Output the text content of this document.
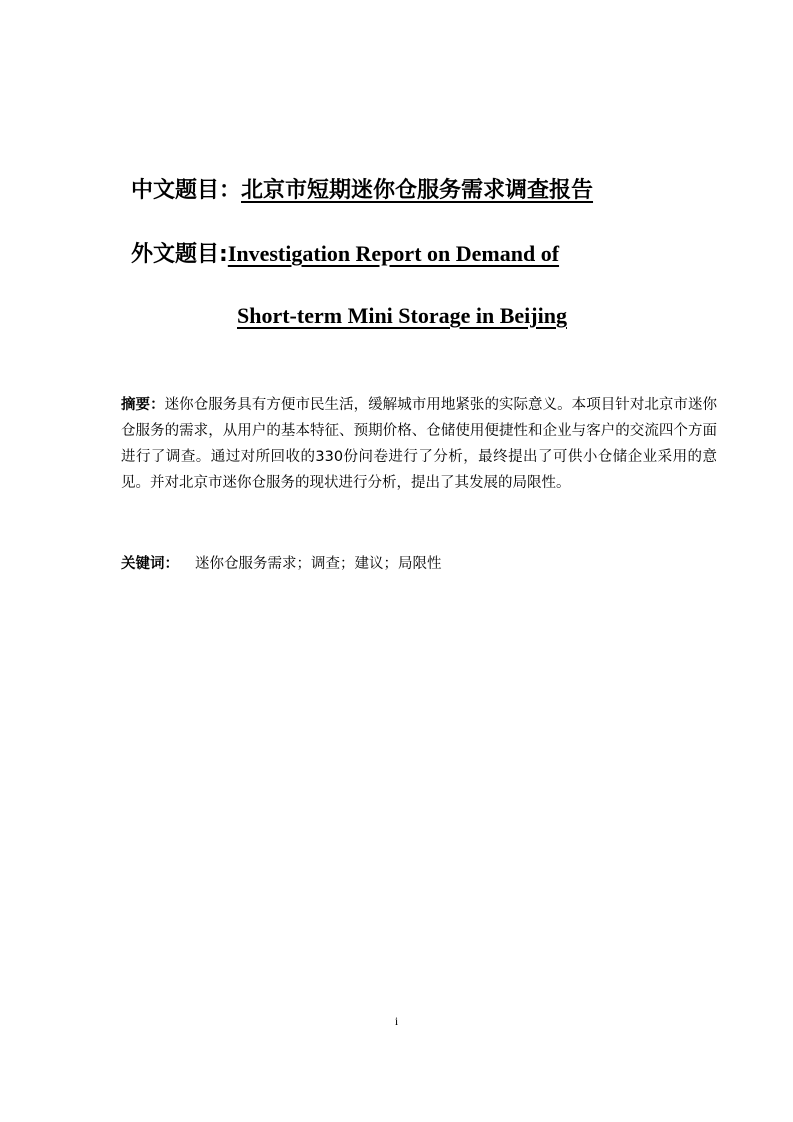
中文题目：北京市短期迷你仓服务需求调查报告
外文题目:Investigation Report on Demand of
Short-term Mini Storage in Beijing
摘要：迷你仓服务具有方便市民生活，缓解城市用地紧张的实际意义。本项目针对北京市迷你仓服务的需求，从用户的基本特征、预期价格、仓储使用便捷性和企业与客户的交流四个方面进行了调查。通过对所回收的330份问卷进行了分析，最终提出了可供小仓储企业采用的意见。并对北京市迷你仓服务的现状进行分析，提出了其发展的局限性。
关键词： 迷你仓服务需求；调查；建议；局限性
i
